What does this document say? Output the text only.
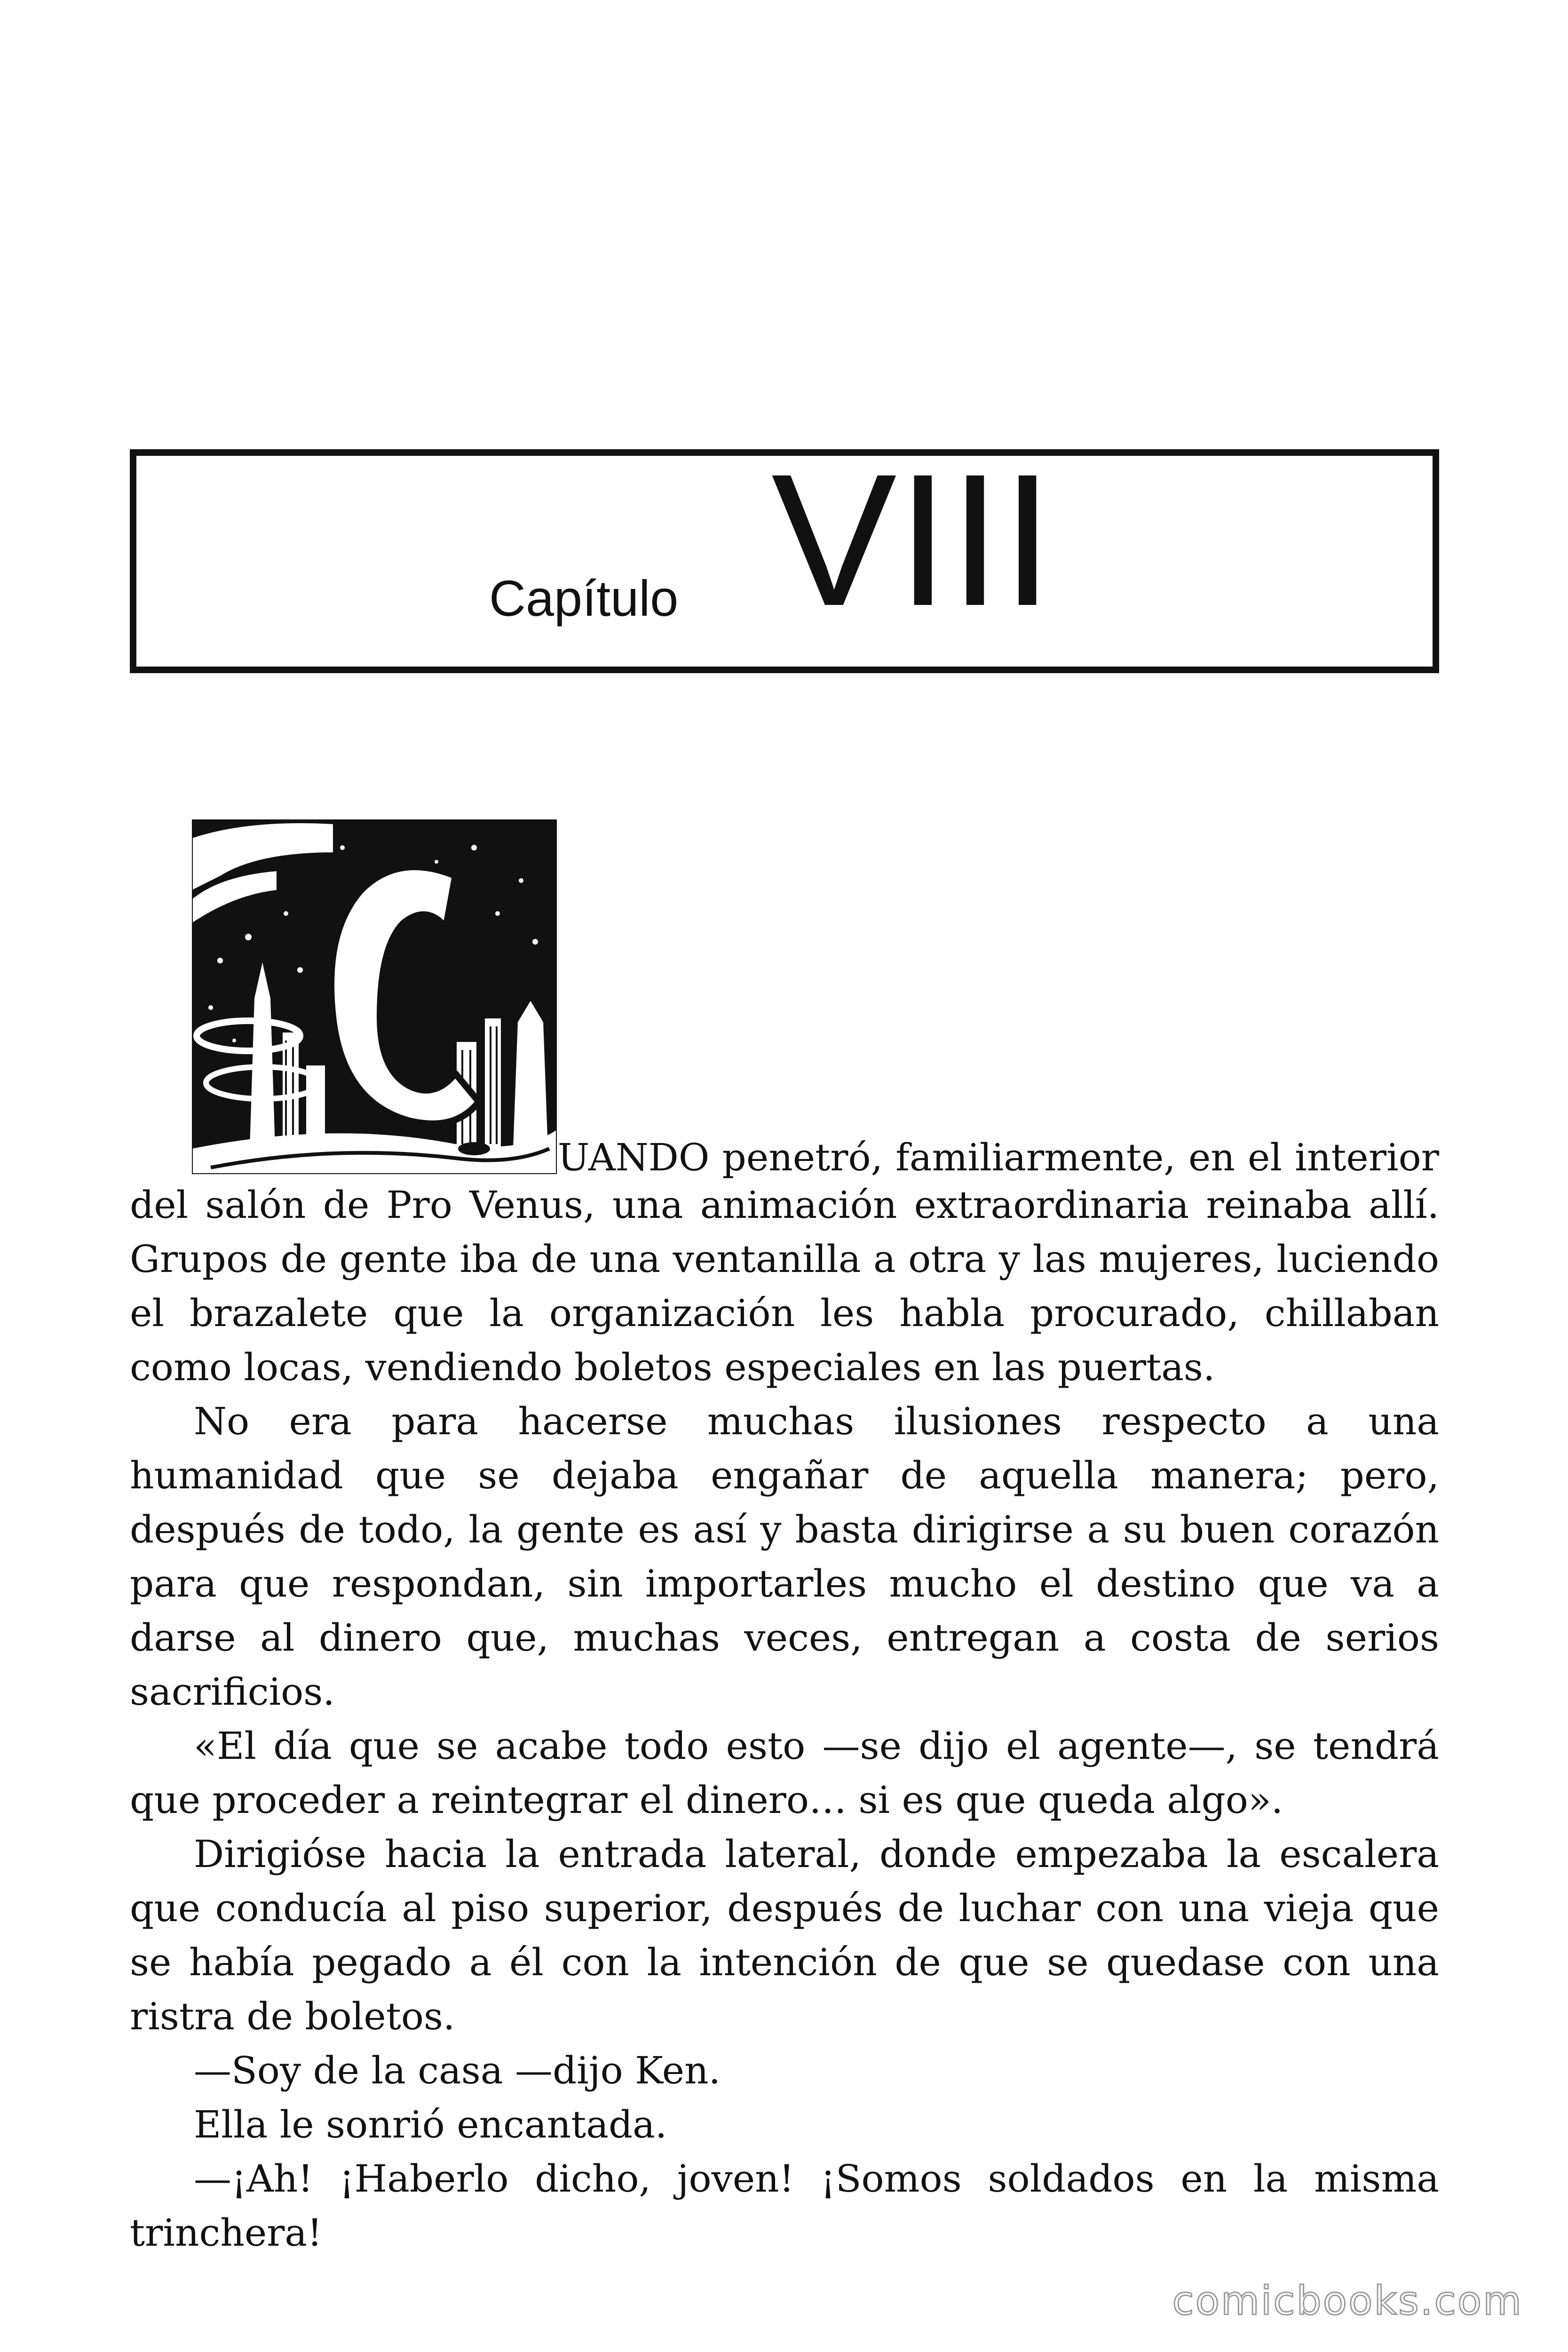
Capítulo VIII

UANDO penetró, familiarmente, en el interior

del salón de Pro Venus, una animación extraordinaria reinaba allí. Grupos de gente iba de una ventanilla a otra y las mujeres, luciendo el brazalete que la organización les habla procurado, chillaban como locas, vendiendo boletos especiales en las puertas.

No era para hacerse muchas ilusiones respecto a una humanidad que se dejaba engañar de aquella manera; pero, después de todo, la gente es así y basta dirigirse a su buen corazón para que respondan, sin importarles mucho el destino que va a darse al dinero que, muchas veces, entregan a costa de serios sacrificios.

«El día que se acabe todo esto —se dijo el agente—, se tendrá que proceder a reintegrar el dinero… si es que queda algo».

Dirigióse hacia la entrada lateral, donde empezaba la escalera que conducía al piso superior, después de luchar con una vieja que se había pegado a él con la intención de que se quedase con una ristra de boletos.

—Soy de la casa —dijo Ken.

Ella le sonrió encantada.

—¡Ah! ¡Haberlo dicho, joven! ¡Somos soldados en la misma trinchera!

comicbooks.com
